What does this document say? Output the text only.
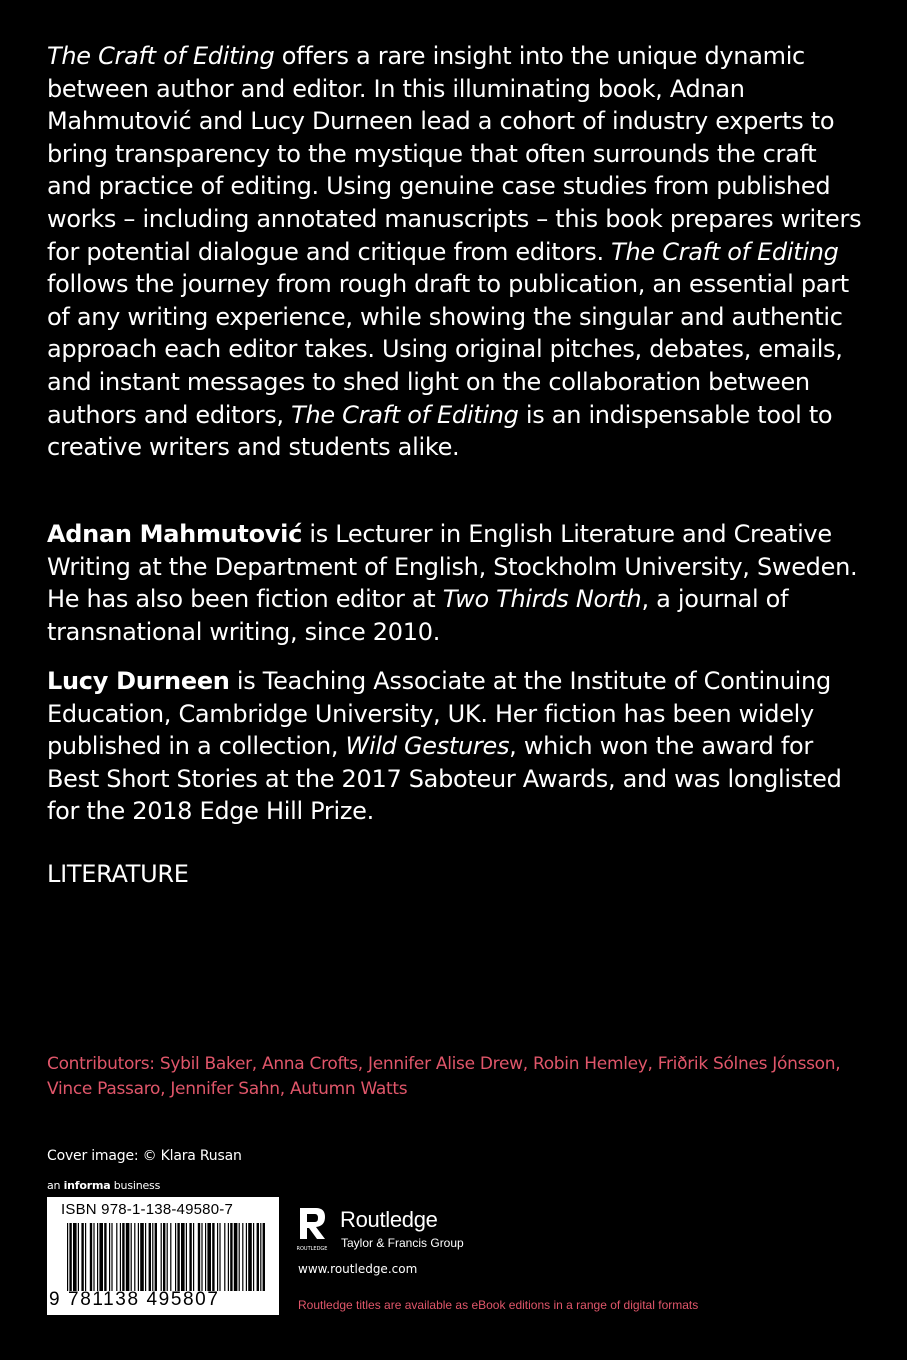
The Craft of Editing offers a rare insight into the unique dynamic between author and editor. In this illuminating book, Adnan Mahmutović and Lucy Durneen lead a cohort of industry experts to bring transparency to the mystique that often surrounds the craft and practice of editing. Using genuine case studies from published works – including annotated manuscripts – this book prepares writers for potential dialogue and critique from editors. The Craft of Editing follows the journey from rough draft to publication, an essential part of any writing experience, while showing the singular and authentic approach each editor takes. Using original pitches, debates, emails, and instant messages to shed light on the collaboration between authors and editors, The Craft of Editing is an indispensable tool to creative writers and students alike.

Adnan Mahmutović is Lecturer in English Literature and Creative Writing at the Department of English, Stockholm University, Sweden. He has also been fiction editor at Two Thirds North, a journal of transnational writing, since 2010.

Lucy Durneen is Teaching Associate at the Institute of Continuing Education, Cambridge University, UK. Her fiction has been widely published in a collection, Wild Gestures, which won the award for Best Short Stories at the 2017 Saboteur Awards, and was longlisted for the 2018 Edge Hill Prize.

LITERATURE

Contributors: Sybil Baker, Anna Crofts, Jennifer Alise Drew, Robin Hemley, Friðrik Sólnes Jónsson, Vince Passaro, Jennifer Sahn, Autumn Watts
Cover image: © Klara Rusan
an informa business
ISBN 978-1-138-49580-7
9 781138 495807
ROUTLEDGE
Routledge
Taylor & Francis Group
www.routledge.com
Routledge titles are available as eBook editions in a range of digital formats
